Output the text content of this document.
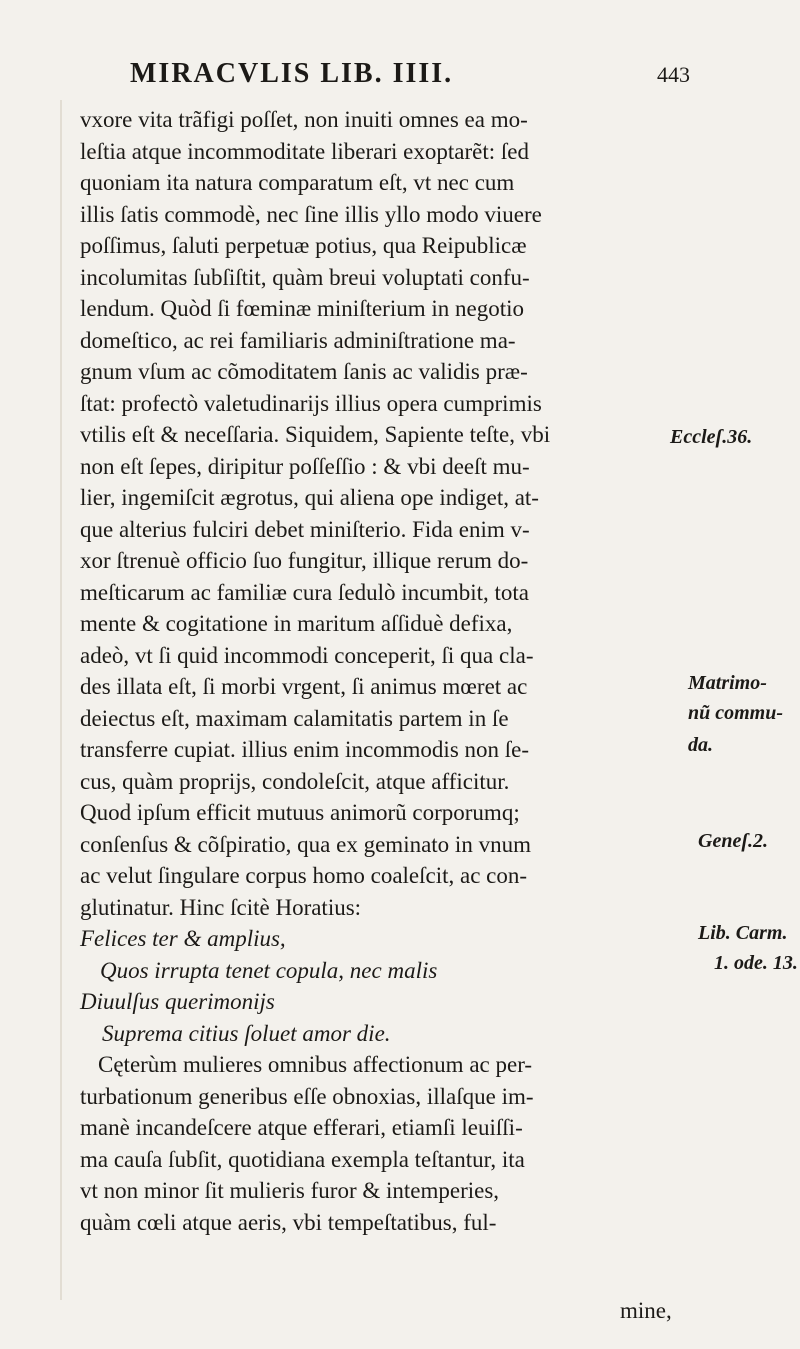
MIRACVLIS LIB. IIII.	443
vxore vita trãfigi poſſet, non inuiti omnes ea mo-
leſtia atque incommoditate liberari exoptarẽt: ſed
quoniam ita natura comparatum eſt, vt nec cum
illis ſatis commodè, nec ſine illis yllo modo viuere
poſſimus, ſaluti perpetuæ potius, qua Reipublicæ
incolumitas ſubſiſtit, quàm breui voluptati confu-
lendum. Quòd ſi fœminæ miniſterium in negotio
domeſtico, ac rei familiaris adminiſtratione ma-
gnum vſum ac cõmoditatem ſanis ac validis præ-
ſtat: profectò valetudinarijs illius opera cumprimis
vtilis eſt & neceſſaria. Siquidem, Sapiente teſte, vbi
non eſt ſepes, diripitur poſſeſſio : & vbi deeſt mu-
lier, ingemiſcit ægrotus, qui aliena ope indiget, at-
que alterius fulciri debet miniſterio. Fida enim v-
xor ſtrenuè officio ſuo fungitur, illique rerum do-
meſticarum ac familiæ cura ſedulò incumbit, tota
mente & cogitatione in maritum aſſiduè defixa,
adeò, vt ſi quid incommodi conceperit, ſi qua cla-
des illata eſt, ſi morbi vrgent, ſi animus mœret ac
deiectus eſt, maximam calamitatis partem in ſe
transferre cupiat. illius enim incommodis non ſe-
cus, quàm proprijs, condoleſcit, atque afficitur.
Quod ipſum efficit mutuus animorũ corporumq;
conſenſus & cõſpiratio, qua ex geminato in vnum
ac velut ſingulare corpus homo coaleſcit, ac con-
glutinatur. Hinc ſcitè Horatius:
Felices ter & amplius,
Quos irrupta tenet copula, nec malis
Diuulſus querimonijs
Suprema citius ſoluet amor die.
Cęterùm mulieres omnibus affectionum ac per-
turbationum generibus eſſe obnoxias, illaſque im-
manè incandeſcere atque efferari, etiamſi leuiſſi-
ma cauſa ſubſit, quotidiana exempla teſtantur, ita
vt non minor ſit mulieris furor & intemperies,
quàm cœli atque aeris, vbi tempeſtatibus, ful-
mine,
Eccleſ.36.
Matrimo-
nũ commu-
da.
Geneſ.2.
Lib. Carm.
1. ode. 13.
